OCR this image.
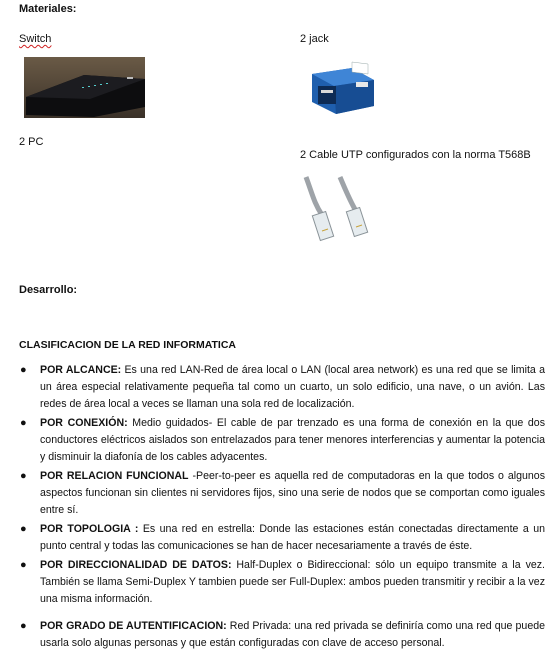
Materiales:
Switch	2 jack
2 PC
2 Cable UTP configurados con la norma T568B
Desarrollo:
CLASIFICACION DE LA RED INFORMATICA
● POR ALCANCE: Es una red LAN-Red de área local o LAN (local area network) es una red que se limita a un área especial relativamente pequeña tal como un cuarto, un solo edificio, una nave, o un avión. Las redes de área local a veces se llaman una sola red de localización.
● POR CONEXIÓN: Medio guidados- El cable de par trenzado es una forma de conexión en la que dos conductores eléctricos aislados son entrelazados para tener menores interferencias y aumentar la potencia y disminuir la diafonía de los cables adyacentes.
● POR RELACION FUNCIONAL -Peer-to-peer es aquella red de computadoras en la que todos o algunos aspectos funcionan sin clientes ni servidores fijos, sino una serie de nodos que se comportan como iguales entre sí.
● POR TOPOLOGIA : Es una red en estrella: Donde las estaciones están conectadas directamente a un punto central y todas las comunicaciones se han de hacer necesariamente a través de éste.
● POR DIRECCIONALIDAD DE DATOS: Half-Duplex o Bidireccional: sólo un equipo transmite a la vez. También se llama Semi-Duplex Y tambien puede ser Full-Duplex: ambos pueden transmitir y recibir a la vez una misma información.
● POR GRADO DE AUTENTIFICACION: Red Privada: una red privada se definiría como una red que puede usarla solo algunas personas y que están configuradas con clave de acceso personal.
